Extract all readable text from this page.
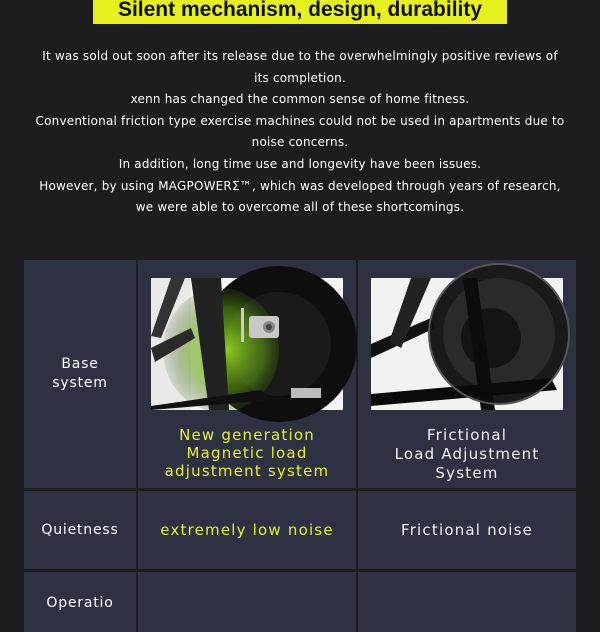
Silent mechanism, design, durability
It was sold out soon after its release due to the overwhelmingly positive reviews of
its completion.
xenn has changed the common sense of home fitness.
Conventional friction type exercise machines could not be used in apartments due to
noise concerns.
In addition, long time use and longevity have been issues.
However, by using MAGPOWERΣ™, which was developed through years of research,
we were able to overcome all of these shortcomings.
Base
system
New generation
Magnetic load
adjustment system
Frictional
Load Adjustment
System
Quietness	extremely low noise	Frictional noise
Operatio
